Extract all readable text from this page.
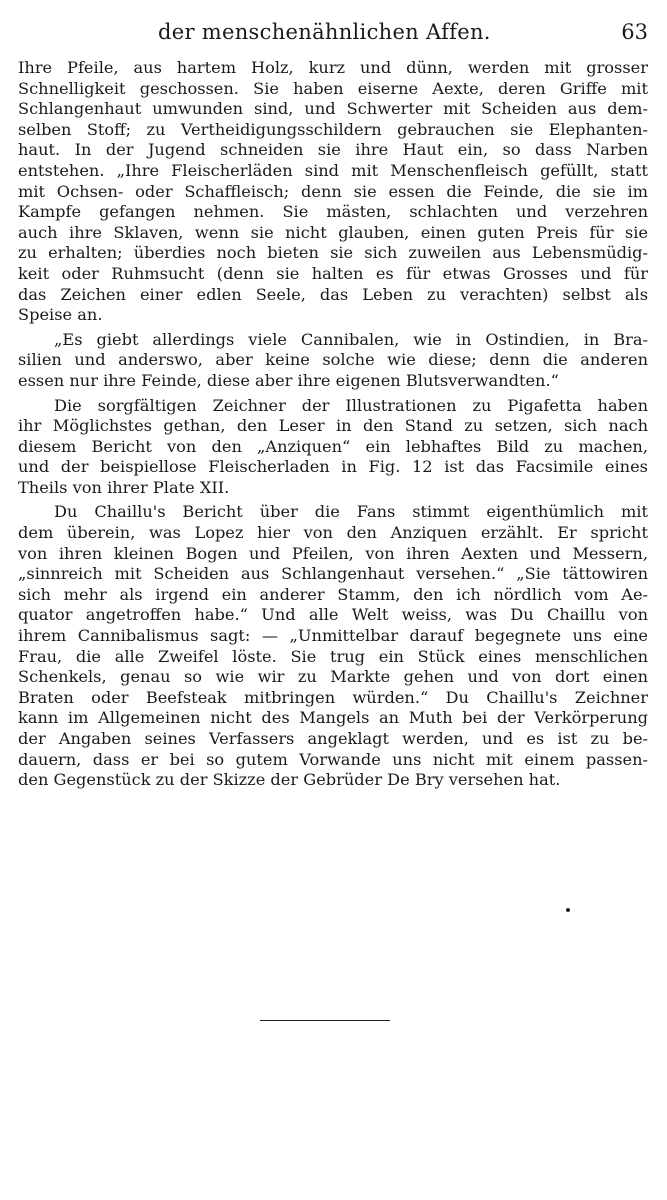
der menschenähnlichen Affen.	63
Ihre Pfeile, aus hartem Holz, kurz und dünn, werden mit grosser
Schnelligkeit geschossen. Sie haben eiserne Aexte, deren Griffe mit
Schlangenhaut umwunden sind, und Schwerter mit Scheiden aus dem-
selben Stoff; zu Vertheidigungsschildern gebrauchen sie Elephanten-
haut. In der Jugend schneiden sie ihre Haut ein, so dass Narben
entstehen. „Ihre Fleischerläden sind mit Menschenfleisch gefüllt, statt
mit Ochsen- oder Schaffleisch; denn sie essen die Feinde, die sie im
Kampfe gefangen nehmen. Sie mästen, schlachten und verzehren
auch ihre Sklaven, wenn sie nicht glauben, einen guten Preis für sie
zu erhalten; überdies noch bieten sie sich zuweilen aus Lebensmüdig-
keit oder Ruhmsucht (denn sie halten es für etwas Grosses und für
das Zeichen einer edlen Seele, das Leben zu verachten) selbst als
Speise an.
„Es giebt allerdings viele Cannibalen, wie in Ostindien, in Bra-
silien und anderswo, aber keine solche wie diese; denn die anderen
essen nur ihre Feinde, diese aber ihre eigenen Blutsverwandten.“
Die sorgfältigen Zeichner der Illustrationen zu Pigafetta haben
ihr Möglichstes gethan, den Leser in den Stand zu setzen, sich nach
diesem Bericht von den „Anziquen“ ein lebhaftes Bild zu machen,
und der beispiellose Fleischerladen in Fig. 12 ist das Facsimile eines
Theils von ihrer Plate XII.
Du Chaillu's Bericht über die Fans stimmt eigenthümlich mit
dem überein, was Lopez hier von den Anziquen erzählt. Er spricht
von ihren kleinen Bogen und Pfeilen, von ihren Aexten und Messern,
„sinnreich mit Scheiden aus Schlangenhaut versehen.“ „Sie tättowiren
sich mehr als irgend ein anderer Stamm, den ich nördlich vom Ae-
quator angetroffen habe.“ Und alle Welt weiss, was Du Chaillu von
ihrem Cannibalismus sagt: — „Unmittelbar darauf begegnete uns eine
Frau, die alle Zweifel löste. Sie trug ein Stück eines menschlichen
Schenkels, genau so wie wir zu Markte gehen und von dort einen
Braten oder Beefsteak mitbringen würden.“ Du Chaillu's Zeichner
kann im Allgemeinen nicht des Mangels an Muth bei der Verkörperung
der Angaben seines Verfassers angeklagt werden, und es ist zu be-
dauern, dass er bei so gutem Vorwande uns nicht mit einem passen-
den Gegenstück zu der Skizze der Gebrüder De Bry versehen hat.
